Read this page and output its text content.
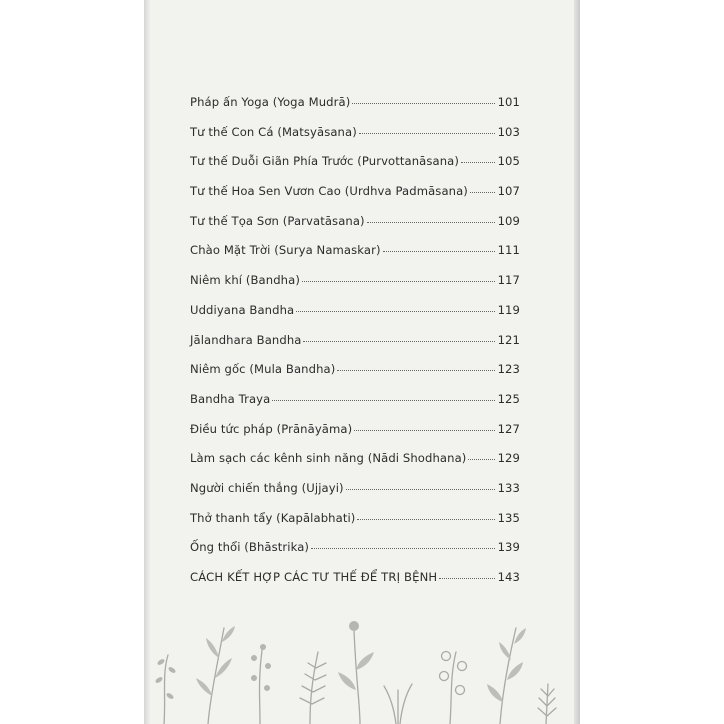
Pháp ấn Yoga (Yoga Mudrā)	101
Tư thế Con Cá (Matsyāsana)	103
Tư thế Duỗi Giãn Phía Trước (Purvottanāsana)	105
Tư thế Hoa Sen Vươn Cao (Urdhva Padmāsana)	107
Tư thế Tọa Sơn (Parvatāsana)	109
Chào Mặt Trời (Surya Namaskar)	111
Niêm khí (Bandha)	117
Uddiyana Bandha	119
Jālandhara Bandha	121
Niêm gốc (Mula Bandha)	123
Bandha Traya	125
Điều tức pháp (Prānāyāma)	127
Làm sạch các kênh sinh năng (Nādi Shodhana)	129
Người chiến thắng (Ujjayi)	133
Thở thanh tẩy (Kapālabhati)	135
Ống thổi (Bhāstrika)	139
CÁCH KẾT HỢP CÁC TƯ THẾ ĐỂ TRỊ BỆNH	143
